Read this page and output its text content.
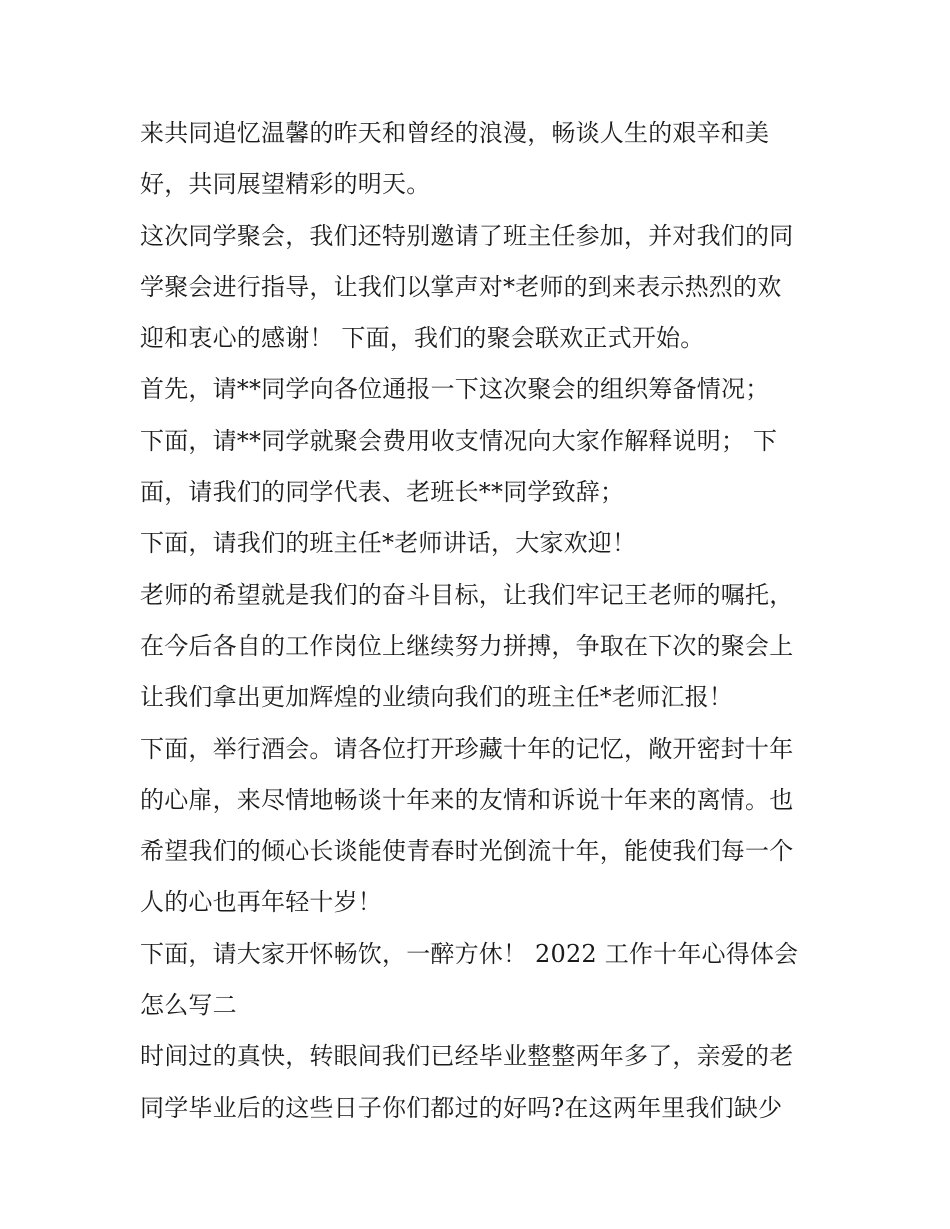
来共同追忆温馨的昨天和曾经的浪漫，畅谈人生的艰辛和美
好，共同展望精彩的明天。
这次同学聚会，我们还特别邀请了班主任参加，并对我们的同
学聚会进行指导，让我们以掌声对*老师的到来表示热烈的欢
迎和衷心的感谢！ 下面，我们的聚会联欢正式开始。
首先，请**同学向各位通报一下这次聚会的组织筹备情况；
下面，请**同学就聚会费用收支情况向大家作解释说明； 下
面，请我们的同学代表、老班长**同学致辞；
下面，请我们的班主任*老师讲话，大家欢迎！
老师的希望就是我们的奋斗目标，让我们牢记王老师的嘱托，
在今后各自的工作岗位上继续努力拼搏，争取在下次的聚会上
让我们拿出更加辉煌的业绩向我们的班主任*老师汇报！
下面，举行酒会。请各位打开珍藏十年的记忆，敞开密封十年
的心扉，来尽情地畅谈十年来的友情和诉说十年来的离情。也
希望我们的倾心长谈能使青春时光倒流十年，能使我们每一个
人的心也再年轻十岁！
下面，请大家开怀畅饮，一醉方休！ 2022 工作十年心得体会
怎么写二
时间过的真快，转眼间我们已经毕业整整两年多了，亲爱的老
同学毕业后的这些日子你们都过的好吗?在这两年里我们缺少
